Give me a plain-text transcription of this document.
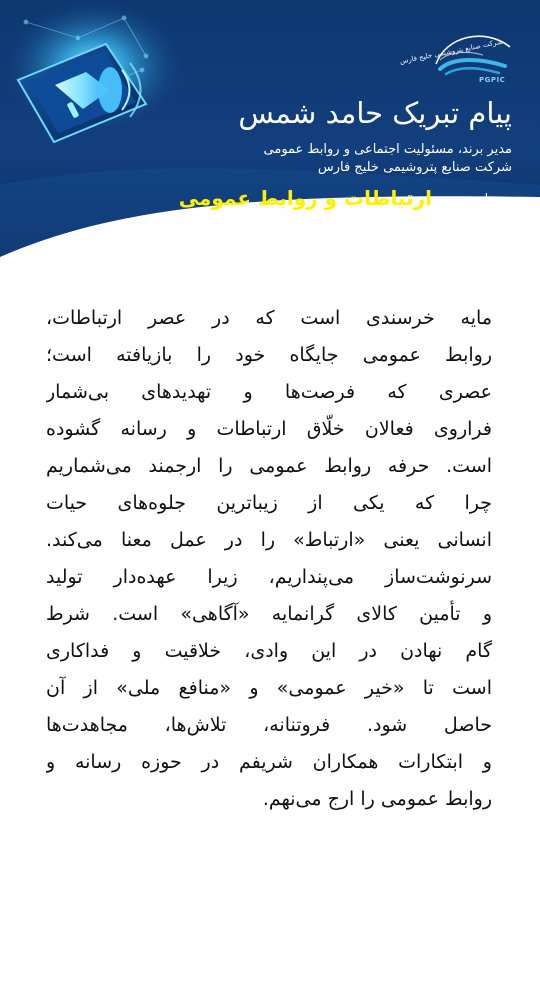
شرکت صنایع پتروشیمی خلیج فارس
PGPIC
پیام تبریک حامد شمس

مدیر برند، مسئولیت اجتماعی و روابط عمومی

شرکت صنایع پتروشیمی خلیج فارس

به مناسبت روز
ارتباطات و روابط عمومی
مایه خرسندی است که در عصر ارتباطات،
روابط عمومی جایگاه خود را بازیافته است؛
عصری که فرصت‌ها و تهدیدهای بی‌شمار
فراروی فعالان خلّاق ارتباطات و رسانه گشوده
است. حرفه روابط عمومی را ارجمند می‌شماریم
چرا که یکی از زیباترین جلوه‌های حیات
انسانی یعنی «ارتباط» را در عمل معنا می‌کند.
سرنوشت‌ساز می‌پنداریم، زیرا عهده‌دار تولید
و تأمین کالای گرانمایه «آگاهی» است. شرط
گام نهادن در این وادی، خلاقیت و فداکاری
است تا «خیر عمومی» و «منافع ملی» از آن
حاصل شود. فروتنانه، تلاش‌ها، مجاهدت‌ها
و ابتکارات همکاران شریفم در حوزه رسانه و
روابط عمومی را ارج می‌نهم.
